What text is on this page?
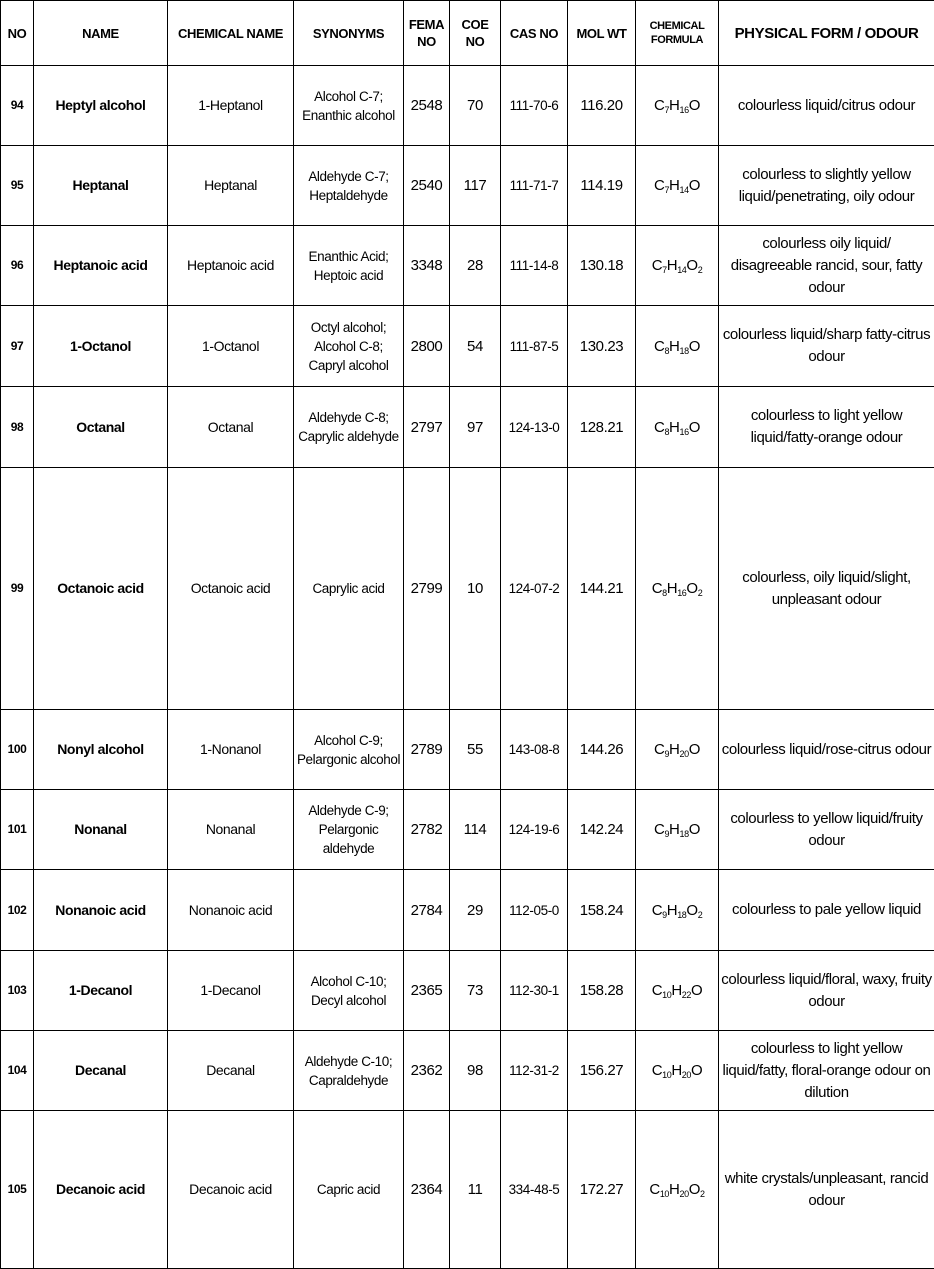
NO	NAME	CHEMICAL NAME	SYNONYMS	FEMA NO	COE NO	CAS NO	MOL WT	CHEMICAL FORMULA	PHYSICAL FORM / ODOUR
94	Heptyl alcohol	1-Heptanol	Alcohol C-7; Enanthic alcohol	2548	70	111-70-6	116.20	$C_7H_{16}O$	colourless liquid/citrus odour
95	Heptanal	Heptanal	Aldehyde C-7; Heptaldehyde	2540	117	111-71-7	114.19	$C_7H_{14}O$	colourless to slightly yellow liquid/penetrating, oily odour
96	Heptanoic acid	Heptanoic acid	Enanthic Acid; Heptoic acid	3348	28	111-14-8	130.18	$C_7H_{14}O_2$	colourless oily liquid/ disagreeable rancid, sour, fatty odour
97	1-Octanol	1-Octanol	Octyl alcohol; Alcohol C-8; Capryl alcohol	2800	54	111-87-5	130.23	$C_8H_{18}O$	colourless liquid/sharp fatty-citrus odour
98	Octanal	Octanal	Aldehyde C-8; Caprylic aldehyde	2797	97	124-13-0	128.21	$C_8H_{16}O$	colourless to light yellow liquid/fatty-orange odour
99	Octanoic acid	Octanoic acid	Caprylic acid	2799	10	124-07-2	144.21	$C_8H_{16}O_2$	colourless, oily liquid/slight, unpleasant odour
100	Nonyl alcohol	1-Nonanol	Alcohol C-9; Pelargonic alcohol	2789	55	143-08-8	144.26	$C_9H_{20}O$	colourless liquid/rose-citrus odour
101	Nonanal	Nonanal	Aldehyde C-9; Pelargonic aldehyde	2782	114	124-19-6	142.24	$C_9H_{18}O$	colourless to yellow liquid/fruity odour
102	Nonanoic acid	Nonanoic acid		2784	29	112-05-0	158.24	$C_9H_{18}O_2$	colourless to pale yellow liquid
103	1-Decanol	1-Decanol	Alcohol C-10; Decyl alcohol	2365	73	112-30-1	158.28	$C_{10}H_{22}O$	colourless liquid/floral, waxy, fruity odour
104	Decanal	Decanal	Aldehyde C-10; Capraldehyde	2362	98	112-31-2	156.27	$C_{10}H_{20}O$	colourless to light yellow liquid/fatty, floral-orange odour on dilution
105	Decanoic acid	Decanoic acid	Capric acid	2364	11	334-48-5	172.27	$C_{10}H_{20}O_2$	white crystals/unpleasant, rancid odour
